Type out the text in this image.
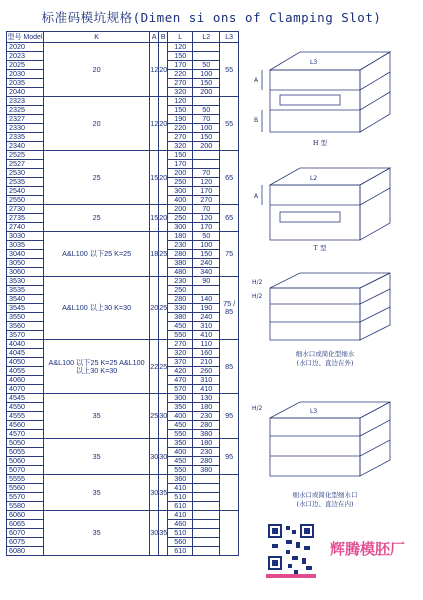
标准码模坑规格(Dimen si ons of Clamping Slot)
型号 Model	K	A	B	L	L2	L3
2020	20	12	20	120		55
2023				150		
2025				170	50	
2030				220	100	
2035				270	150	
2040				320	200	
2323	20	12	20	120		55
2325				150	50	
2327				190	70	
2330				220	100	
2335				270	150	
2340				320	200	
2525	25	15	20	150		65
2527				170		
2530				200	70	
2535				250	120	
2540				300	170	
2550				400	270	
2730	25	15	20	200	70	65
2735				250	120	
2740				300	170	
3030	A&L100 以下25 K=25	18	25	180	50	75
3035				230	100	
3040				280	150	
3050				380	240	
3060				480	340	
3530	A&L100 以上30 K=30	20	25	230	90	75 / 85
3535				250		
3540				280	140	
3545				330	190	
3550				380	240	
3560				450	310	
3570				550	410	
4040	A&L100 以下25 K=25 A&L100 以上30 K=30	22	25	270	110	85
4045				320	160	
4050				370	210	
4055				420	260	
4060				470	310	
4070				570	410	
4545	35	25	30	300	130	95
4550				350	180	
4555				400	230	
4560				450	280	
4570				550	380	
5050	35	30	30	350	180	95
5055				400	230	
5060				450	280	
5070				550	380	
5555	35	30	35	360		
5560				410		
5570				510		
5580				610		
6060	35	30	35	410		
6065				460		
6070				510		
6075				560		
6080				610		
A
B
L3
H 型
A
L2
T 型
H/2
H/2
细水口或简化型细水
(水口边、直边在外)
H/2	L3
细水口或简化型细水口
(水口边、直边在内)
辉腾模胚厂
